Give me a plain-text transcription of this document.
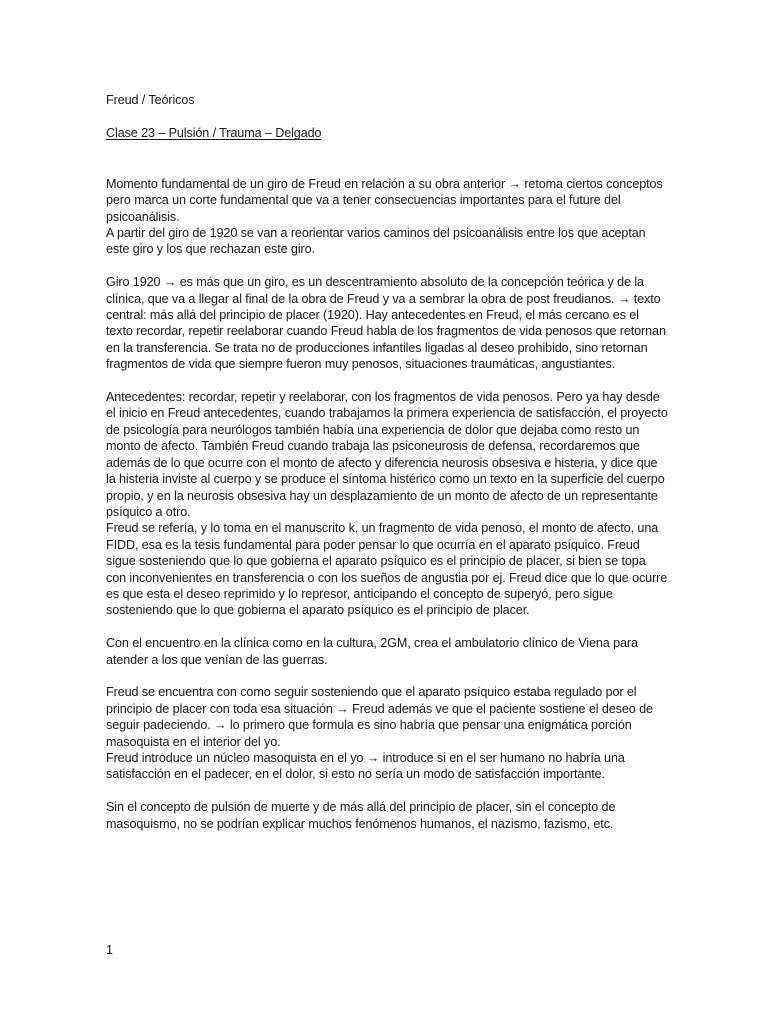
Freud / Teóricos

Clase 23 – Pulsión / Trauma – Delgado

Momento fundamental de un giro de Freud en relación a su obra anterior → retoma ciertos conceptos pero marca un corte fundamental que va a tener consecuencias importantes para el future del psicoanálisis.

A partir del giro de 1920 se van a reorientar varios caminos del psicoanálisis entre los que aceptan este giro y los que rechazan este giro.

Giro 1920 → es más que un giro, es un descentramiento absoluto de la concepción teórica y de la clínica, que va a llegar al final de la obra de Freud y va a sembrar la obra de post freudianos. → texto central: más allá del principio de placer (1920). Hay antecedentes en Freud, el más cercano es el texto recordar, repetir reelaborar cuando Freud habla de los fragmentos de vida penosos que retornan en la transferencia. Se trata no de producciones infantiles ligadas al deseo prohibido, sino retornan fragmentos de vida que siempre fueron muy penosos, situaciones traumáticas, angustiantes.

Antecedentes: recordar, repetir y reelaborar, con los fragmentos de vida penosos. Pero ya hay desde el inicio en Freud antecedentes, cuando trabajamos la primera experiencia de satisfacción, el proyecto de psicología para neurólogos también había una experiencia de dolor que dejaba como resto un monto de afecto. También Freud cuando trabaja las psiconeurosis de defensa, recordaremos que además de lo que ocurre con el monto de afecto y diferencia neurosis obsesiva e histeria, y dice que la histeria inviste al cuerpo y se produce el síntoma histérico como un texto en la superficie del cuerpo propio, y en la neurosis obsesiva hay un desplazamiento de un monto de afecto de un representante psíquico a otro.

Freud se refería, y lo toma en el manuscrito k, un fragmento de vida penoso, el monto de afecto, una FIDD, esa es la tesis fundamental para poder pensar lo que ocurría en el aparato psíquico. Freud sigue sosteniendo que lo que gobierna el aparato psíquico es el principio de placer, si bien se topa con inconvenientes en transferencia o con los sueños de angustia por ej. Freud dice que lo que ocurre es que esta el deseo reprimido y lo represor, anticipando el concepto de superyó, pero sigue sosteniendo que lo que gobierna el aparato psíquico es el principio de placer.

Con el encuentro en la clínica como en la cultura, 2GM, crea el ambulatorio clínico de Viena para atender a los que venían de las guerras.

Freud se encuentra con como seguir sosteniendo que el aparato psíquico estaba regulado por el principio de placer con toda esa situación → Freud además ve que el paciente sostiene el deseo de seguir padeciendo. → lo primero que formula es sino habría que pensar una enigmática porción masoquista en el interior del yo.

Freud introduce un núcleo masoquista en el yo → introduce si en el ser humano no habría una satisfacción en el padecer, en el dolor, si esto no sería un modo de satisfacción importante.

Sin el concepto de pulsión de muerte y de más allá del principio de placer, sin el concepto de masoquismo, no se podrían explicar muchos fenómenos humanos, el nazismo, fazismo, etc.

1
